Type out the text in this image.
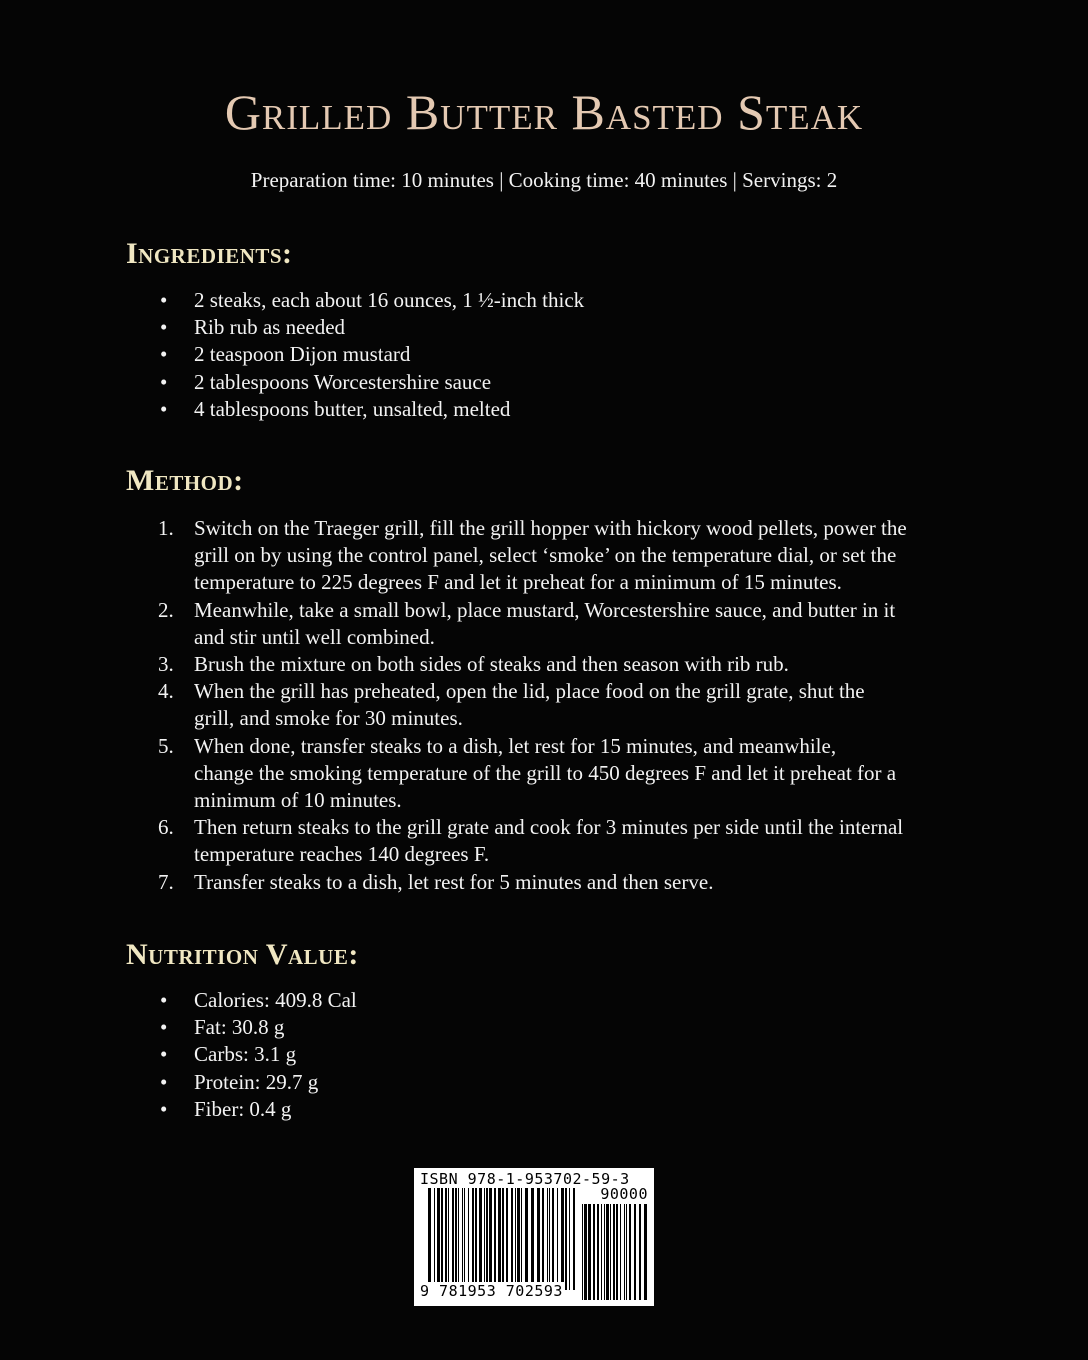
Grilled Butter Basted Steak
Preparation time: 10 minutes | Cooking time: 40 minutes | Servings: 2
Ingredients:
•	2 steaks, each about 16 ounces, 1 ½-inch thick
•	Rib rub as needed
•	2 teaspoon Dijon mustard
•	2 tablespoons Worcestershire sauce
•	4 tablespoons butter, unsalted, melted
Method:
1. Switch on the Traeger grill, fill the grill hopper with hickory wood pellets, power the
grill on by using the control panel, select ‘smoke’ on the temperature dial, or set the
temperature to 225 degrees F and let it preheat for a minimum of 15 minutes.
2. Meanwhile, take a small bowl, place mustard, Worcestershire sauce, and butter in it
and stir until well combined.
3. Brush the mixture on both sides of steaks and then season with rib rub.
4. When the grill has preheated, open the lid, place food on the grill grate, shut the
grill, and smoke for 30 minutes.
5. When done, transfer steaks to a dish, let rest for 15 minutes, and meanwhile,
change the smoking temperature of the grill to 450 degrees F and let it preheat for a
minimum of 10 minutes.
6. Then return steaks to the grill grate and cook for 3 minutes per side until the internal
temperature reaches 140 degrees F.
7. Transfer steaks to a dish, let rest for 5 minutes and then serve.
Nutrition Value:
•	Calories: 409.8 Cal
•	Fat: 30.8 g
•	Carbs: 3.1 g
•	Protein: 29.7 g
•	Fiber: 0.4 g
ISBN 978-1-953702-59-3
90000
9 781953 702593
